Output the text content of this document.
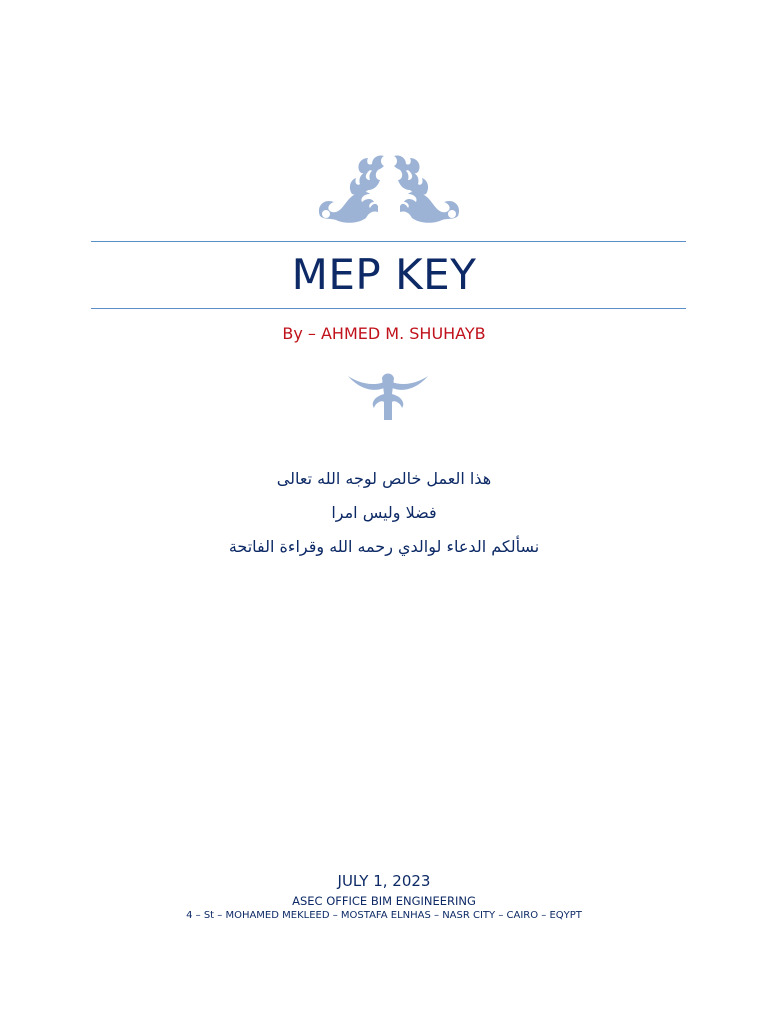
MEP KEY
By – AHMED M. SHUHAYB
هذا العمل خالص لوجه الله تعالى
فضلا وليس امرا
نسألكم الدعاء لوالدي رحمه الله وقراءة الفاتحة
JULY 1, 2023
ASEC OFFICE BIM ENGINEERING
4 – St – MOHAMED MEKLEED – MOSTAFA ELNHAS – NASR CITY – CAIRO – EQYPT
